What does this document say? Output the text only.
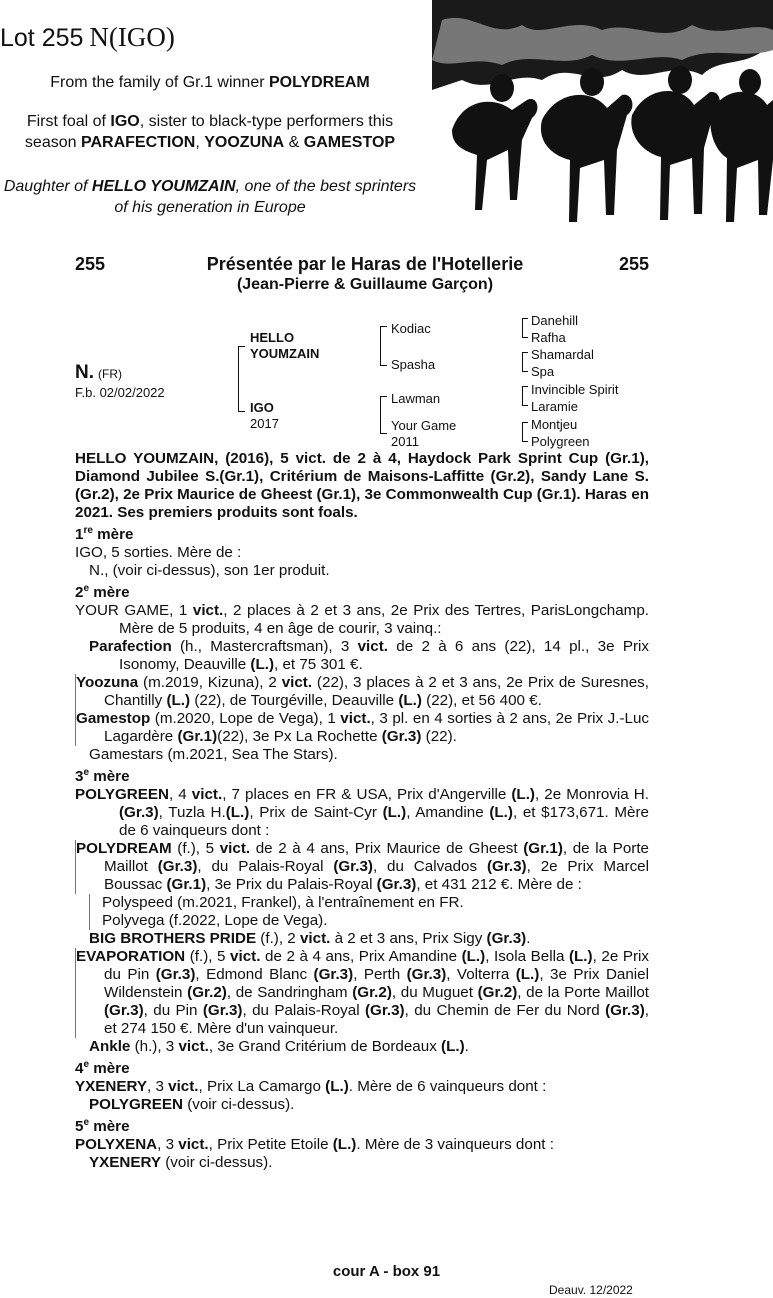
Lot 255 N(IGO)
From the family of Gr.1 winner POLYDREAM
First foal of IGO, sister to black-type performers this season PARAFECTION, YOOZUNA & GAMESTOP
Daughter of HELLO YOUMZAIN, one of the best sprinters of his generation in Europe
255	Présentée par le Haras de l'Hotellerie
(Jean-Pierre & Guillaume Garçon)
255
N. (FR)
F.b. 02/02/2022
HELLO YOUMZAIN
IGO
2017
Kodiac
Spasha
Lawman
Your Game
2011
Danehill
Rafha
Shamardal
Spa
Invincible Spirit
Laramie
Montjeu
Polygreen

HELLO YOUMZAIN, (2016), 5 vict. de 2 à 4, Haydock Park Sprint Cup (Gr.1), Diamond Jubilee S.(Gr.1), Critérium de Maisons-Laffitte (Gr.2), Sandy Lane S.(Gr.2), 2e Prix Maurice de Gheest (Gr.1), 3e Commonwealth Cup (Gr.1). Haras en 2021. Ses premiers produits sont foals.

1re mère

IGO, 5 sorties. Mère de :

N., (voir ci-dessus), son 1er produit.

2e mère

YOUR GAME, 1 vict., 2 places à 2 et 3 ans, 2e Prix des Tertres, ParisLongchamp. Mère de 5 produits, 4 en âge de courir, 3 vainq.:

Parafection (h., Mastercraftsman), 3 vict. de 2 à 6 ans (22), 14 pl., 3e Prix Isonomy, Deauville (L.), et 75 301 €.

Yoozuna (m.2019, Kizuna), 2 vict. (22), 3 places à 2 et 3 ans, 2e Prix de Suresnes, Chantilly (L.) (22), de Tourgéville, Deauville (L.) (22), et 56 400 €.

Gamestop (m.2020, Lope de Vega), 1 vict., 3 pl. en 4 sorties à 2 ans, 2e Prix J.-Luc Lagardère (Gr.1)(22), 3e Px La Rochette (Gr.3) (22).

Gamestars (m.2021, Sea The Stars).

3e mère

POLYGREEN, 4 vict., 7 places en FR & USA, Prix d'Angerville (L.), 2e Monrovia H.(Gr.3), Tuzla H.(L.), Prix de Saint-Cyr (L.), Amandine (L.), et $173,671. Mère de 6 vainqueurs dont :

POLYDREAM (f.), 5 vict. de 2 à 4 ans, Prix Maurice de Gheest (Gr.1), de la Porte Maillot (Gr.3), du Palais-Royal (Gr.3), du Calvados (Gr.3), 2e Prix Marcel Boussac (Gr.1), 3e Prix du Palais-Royal (Gr.3), et 431 212 €. Mère de :

Polyspeed (m.2021, Frankel), à l'entraînement en FR.

Polyvega (f.2022, Lope de Vega).

BIG BROTHERS PRIDE (f.), 2 vict. à 2 et 3 ans, Prix Sigy (Gr.3).

EVAPORATION (f.), 5 vict. de 2 à 4 ans, Prix Amandine (L.), Isola Bella (L.), 2e Prix du Pin (Gr.3), Edmond Blanc (Gr.3), Perth (Gr.3), Volterra (L.), 3e Prix Daniel Wildenstein (Gr.2), de Sandringham (Gr.2), du Muguet (Gr.2), de la Porte Maillot (Gr.3), du Pin (Gr.3), du Palais-Royal (Gr.3), du Chemin de Fer du Nord (Gr.3), et 274 150 €. Mère d'un vainqueur.

Ankle (h.), 3 vict., 3e Grand Critérium de Bordeaux (L.).

4e mère

YXENERY, 3 vict., Prix La Camargo (L.). Mère de 6 vainqueurs dont :

POLYGREEN (voir ci-dessus).

5e mère

POLYXENA, 3 vict., Prix Petite Etoile (L.). Mère de 3 vainqueurs dont :

YXENERY (voir ci-dessus).

cour A - box 91
Deauv. 12/2022
